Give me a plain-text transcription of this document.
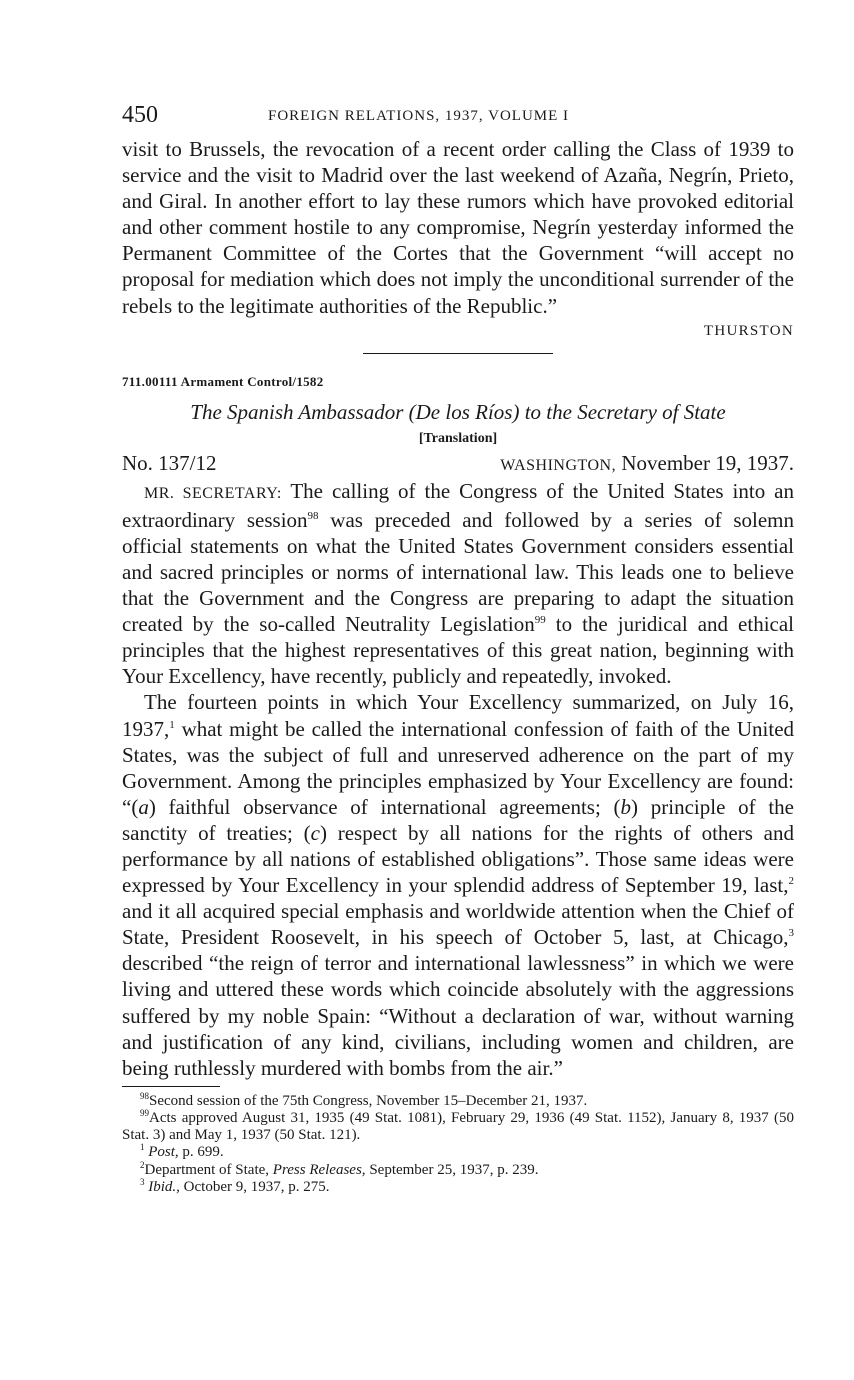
450	FOREIGN RELATIONS, 1937, VOLUME I

visit to Brussels, the revocation of a recent order calling the Class of 1939 to service and the visit to Madrid over the last weekend of Azaña, Negrín, Prieto, and Giral. In another effort to lay these rumors which have provoked editorial and other comment hostile to any compromise, Negrín yesterday informed the Permanent Committee of the Cortes that the Government “will accept no proposal for mediation which does not imply the unconditional surrender of the rebels to the legitimate authorities of the Republic.”

THURSTON
711.00111 Armament Control/1582
The Spanish Ambassador (De los Ríos) to the Secretary of State
[Translation]
No. 137/12	WASHINGTON, November 19, 1937.

MR. SECRETARY: The calling of the Congress of the United States into an extraordinary session$^{98}$ was preceded and followed by a series of solemn official statements on what the United States Government considers essential and sacred principles or norms of international law. This leads one to believe that the Government and the Congress are preparing to adapt the situation created by the so-called Neutrality Legislation$^{99}$ to the juridical and ethical principles that the highest representatives of this great nation, beginning with Your Excellency, have recently, publicly and repeatedly, invoked.

The fourteen points in which Your Excellency summarized, on July 16, 1937,$^1$ what might be called the international confession of faith of the United States, was the subject of full and unreserved adherence on the part of my Government. Among the principles emphasized by Your Excellency are found: “(a) faithful observance of international agreements; (b) principle of the sanctity of treaties; (c) respect by all nations for the rights of others and performance by all nations of established obligations”. Those same ideas were expressed by Your Excellency in your splendid address of September 19, last,$^2$ and it all acquired special emphasis and worldwide attention when the Chief of State, President Roosevelt, in his speech of October 5, last, at Chicago,$^3$ described “the reign of terror and international lawlessness” in which we were living and uttered these words which coincide absolutely with the aggressions suffered by my noble Spain: “Without a declaration of war, without warning and justification of any kind, civilians, including women and children, are being ruthlessly murdered with bombs from the air.”

$^{98}$Second session of the 75th Congress, November 15–December 21, 1937.

$^{99}$Acts approved August 31, 1935 (49 Stat. 1081), February 29, 1936 (49 Stat. 1152), January 8, 1937 (50 Stat. 3) and May 1, 1937 (50 Stat. 121).

$^1$ Post, p. 699.

$^2$Department of State, Press Releases, September 25, 1937, p. 239.

$^3$ Ibid., October 9, 1937, p. 275.
